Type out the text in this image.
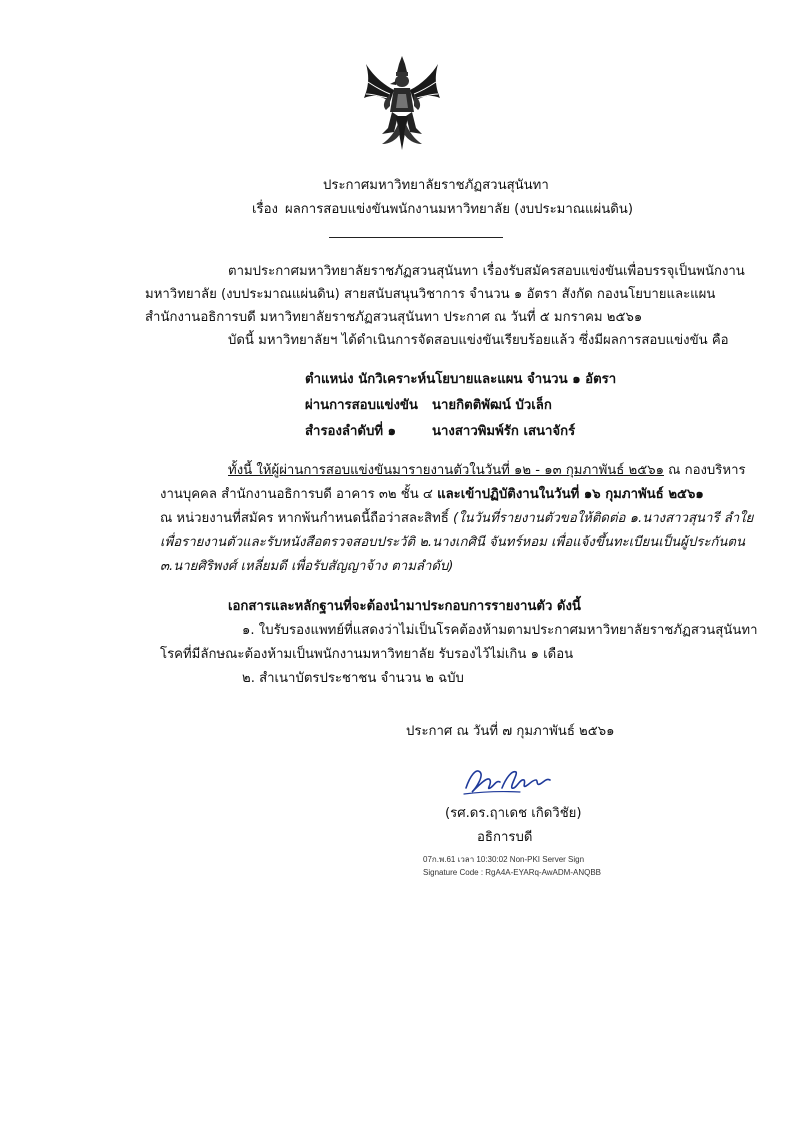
ประกาศมหาวิทยาลัยราชภัฏสวนสุนันทา
เรื่อง ผลการสอบแข่งขันพนักงานมหาวิทยาลัย (งบประมาณแผ่นดิน)
ตามประกาศมหาวิทยาลัยราชภัฏสวนสุนันทา เรื่องรับสมัครสอบแข่งขันเพื่อบรรจุเป็นพนักงาน
มหาวิทยาลัย (งบประมาณแผ่นดิน) สายสนับสนุนวิชาการ จำนวน ๑ อัตรา สังกัด กองนโยบายและแผน
สำนักงานอธิการบดี มหาวิทยาลัยราชภัฏสวนสุนันทา ประกาศ ณ วันที่ ๕ มกราคม ๒๕๖๑
บัดนี้ มหาวิทยาลัยฯ ได้ดำเนินการจัดสอบแข่งขันเรียบร้อยแล้ว ซึ่งมีผลการสอบแข่งขัน คือ
ตำแหน่ง นักวิเคราะห์นโยบายและแผน จำนวน ๑ อัตรา
ผ่านการสอบแข่งขัน นายกิตติพัฒน์ บัวเล็ก
สำรองลำดับที่ ๑	นางสาวพิมพ์รัก เสนาจักร์
ทั้งนี้ ให้ผู้ผ่านการสอบแข่งขันมารายงานตัวในวันที่ ๑๒ - ๑๓ กุมภาพันธ์ ๒๕๖๑ ณ กองบริหาร
งานบุคคล สำนักงานอธิการบดี อาคาร ๓๒ ชั้น ๔ และเข้าปฏิบัติงานในวันที่ ๑๖ กุมภาพันธ์ ๒๕๖๑
ณ หน่วยงานที่สมัคร หากพ้นกำหนดนี้ถือว่าสละสิทธิ์ (ในวันที่รายงานตัวขอให้ติดต่อ ๑.นางสาวสุนารี ลำใย
เพื่อรายงานตัวและรับหนังสือตรวจสอบประวัติ ๒.นางเกศินี จันทร์หอม เพื่อแจ้งขึ้นทะเบียนเป็นผู้ประกันตน
๓.นายศิริพงศ์ เหลี่ยมดี เพื่อรับสัญญาจ้าง ตามลำดับ)
เอกสารและหลักฐานที่จะต้องนำมาประกอบการรายงานตัว ดังนี้
๑. ใบรับรองแพทย์ที่แสดงว่าไม่เป็นโรคต้องห้ามตามประกาศมหาวิทยาลัยราชภัฏสวนสุนันทา
โรคที่มีลักษณะต้องห้ามเป็นพนักงานมหาวิทยาลัย รับรองไว้ไม่เกิน ๑ เดือน
๒. สำเนาบัตรประชาชน จำนวน ๒ ฉบับ
ประกาศ ณ วันที่ ๗ กุมภาพันธ์ ๒๕๖๑
(รศ.ดร.ฤาเดช เกิดวิชัย)
อธิการบดี
07ก.พ.61 เวลา 10:30:02 Non-PKI Server Sign
Signature Code : RgA4A-EYARq-AwADM-ANQBB
